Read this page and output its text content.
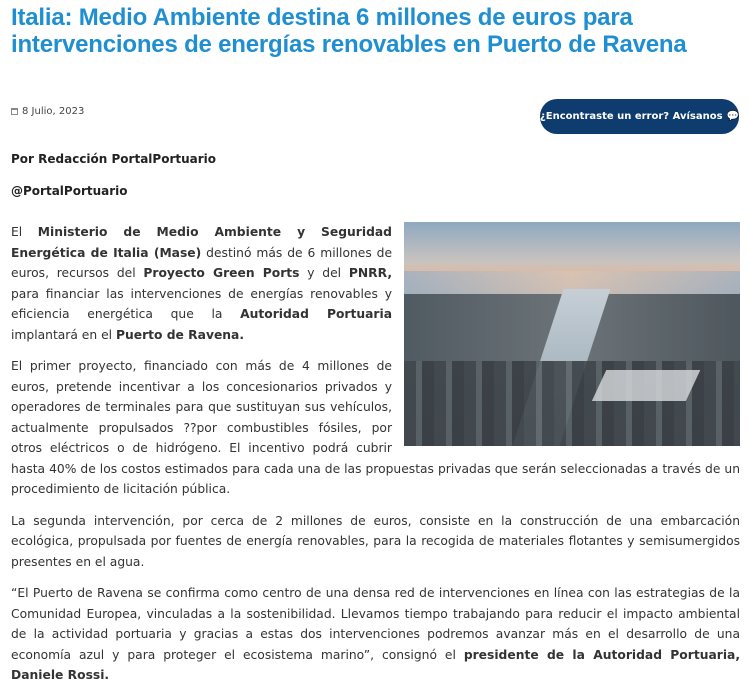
Italia: Medio Ambiente destina 6 millones de euros para intervenciones de energías renovables en Puerto de Ravena
8 Julio, 2023	¿Encontraste un error? Avísanos 💬
Por Redacción PortalPortuario
@PortalPortuario

El Ministerio de Medio Ambiente y Seguridad Energética de Italia (Mase) destinó más de 6 millones de euros, recursos del Proyecto Green Ports y del PNRR, para financiar las intervenciones de energías renovables y eficiencia energética que la Autoridad Portuaria implantará en el Puerto de Ravena.

El primer proyecto, financiado con más de 4 millones de euros, pretende incentivar a los concesionarios privados y operadores de terminales para que sustituyan sus vehículos, actualmente propulsados ??por combustibles fósiles, por otros eléctricos o de hidrógeno. El incentivo podrá cubrir hasta 40% de los costos estimados para cada una de las propuestas privadas que serán seleccionadas a través de un procedimiento de licitación pública.

La segunda intervención, por cerca de 2 millones de euros, consiste en la construcción de una embarcación ecológica, propulsada por fuentes de energía renovables, para la recogida de materiales flotantes y semisumergidos presentes en el agua.

“El Puerto de Ravena se confirma como centro de una densa red de intervenciones en línea con las estrategias de la Comunidad Europea, vinculadas a la sostenibilidad. Llevamos tiempo trabajando para reducir el impacto ambiental de la actividad portuaria y gracias a estas dos intervenciones podremos avanzar más en el desarrollo de una economía azul y para proteger el ecosistema marino”, consignó el presidente de la Autoridad Portuaria, Daniele Rossi.
